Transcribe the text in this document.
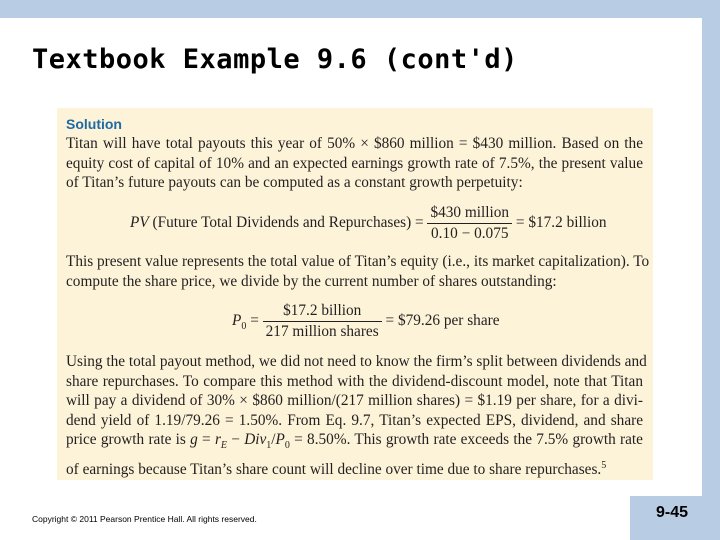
Textbook Example 9.6 (cont'd)
Solution
Titan will have total payouts this year of 50% × $860 million = $430 million. Based on the
equity cost of capital of 10% and an expected earnings growth rate of 7.5%, the present value
of Titan’s future payouts can be computed as a constant growth perpetuity:
PV (Future Total Dividends and Repurchases) = $\frac{\text{\$430 million}}{0.10 - 0.075}$ = $17.2 billion
This present value represents the total value of Titan’s equity (i.e., its market capitalization). To
compute the share price, we divide by the current number of shares outstanding:
$P_0 = \frac{\text{\$17.2 billion}}{\text{217 million shares}}$ = $79.26 per share
Using the total payout method, we did not need to know the firm’s split between dividends and
share repurchases. To compare this method with the dividend-discount model, note that Titan
will pay a dividend of 30% × $860 million/(217 million shares) = $1.19 per share, for a divi-
dend yield of 1.19/79.26 = 1.50%. From Eq. 9.7, Titan’s expected EPS, dividend, and share
price growth rate is $g = r_E - Div_1/P_0 = 8.50\%$. This growth rate exceeds the 7.5% growth rate
of earnings because Titan’s share count will decline over time due to share repurchases.$^5$
Copyright © 2011 Pearson Prentice Hall. All rights reserved.	9-45
